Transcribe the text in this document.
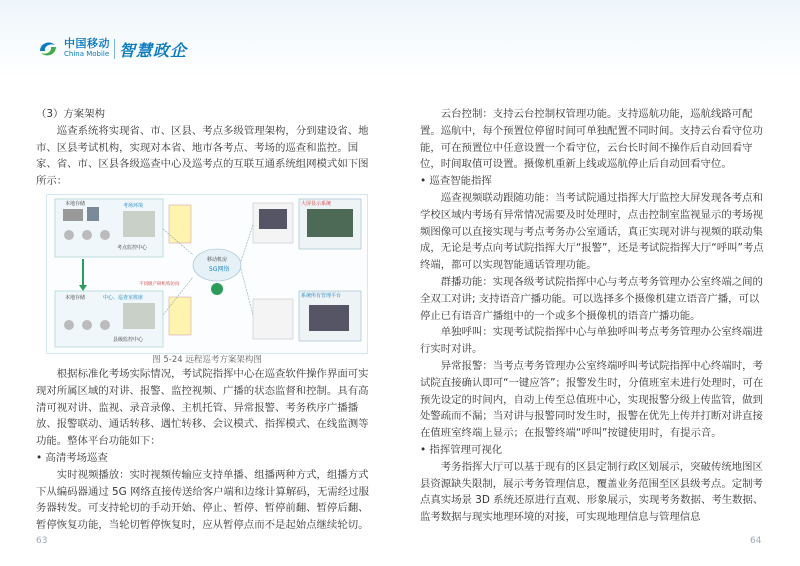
中国移动
China Mobile 智慧政企

（3）方案架构

巡查系统将实现省、市、区县、考点多级管理架构，分到建设省、地市、区县考试机构，实现对本省、地市各考点、考场的巡查和监控。国家、省、市、区县各级巡查中心及巡考点的互联互通系统组网模式如下图所示：

本地存储	考场环境
考点监控中心
移动机房
5G网络
大屏显示系统
本地存储	中心、巡查室班席
县级监控中心
系统所有管理平台
不同级产研机构访问

图 5-24 远程巡考方案架构图

根据标准化考场实际情况，考试院指挥中心在巡查软件操作界面可实现对所属区域的对讲、报警、监控视频、广播的状态监督和控制。具有高清可视对讲、监视、录音录像、主机托管、异常报警、考务秩序广播播放、报警联动、通话转移、遇忙转移、会议模式、指挥模式、在线监测等功能。整体平台功能如下：

• 高清考场巡查

实时视频播放：实时视频传输应支持单播、组播两种方式，组播方式下从编码器通过 5G 网络直接传送给客户端和边缘计算解码，无需经过服务器转发。可支持轮切的手动开始、停止、暂停、暂停前翻、暂停后翻、暂停恢复功能，当轮切暂停恢复时，应从暂停点而不是起始点继续轮切。

云台控制：支持云台控制权管理功能。支持巡航功能，巡航线路可配置。巡航中，每个预置位停留时间可单独配置不同时间。支持云台看守位功能，可在预置位中任意设置一个看守位，云台长时间不操作后自动回看守位，时间取值可设置。摄像机重新上线或巡航停止后自动回看守位。

• 巡查智能指挥

巡查视频联动跟随功能：当考试院通过指挥大厅监控大屏发现各考点和学校区域内考场有异常情况需要及时处理时，点击控制室监视显示的考场视频图像可以直接实现与考点考务办公室通话，真正实现对讲与视频的联动集成，无论是考点向考试院指挥大厅“报警”，还是考试院指挥大厅“呼叫”考点终端，都可以实现智能通话管理功能。

群播功能：实现各级考试院指挥中心与考点考务管理办公室终端之间的全双工对讲; 支持语音广播功能。可以选择多个摄像机建立语音广播，可以停止已有语音广播组中的一个或多个摄像机的语音广播功能。

单独呼叫：实现考试院指挥中心与单独呼叫考点考务管理办公室终端进行实时对讲。

异常报警：当考点考务管理办公室终端呼叫考试院指挥中心终端时，考试院直接确认即可“一键应答”；报警发生时，分值班室未进行处理时，可在预先设定的时间内，自动上传至总值班中心，实现报警分级上传监管，做到处警疏而不漏；当对讲与报警同时发生时，报警在优先上传并打断对讲直接在值班室终端上显示；在报警终端“呼叫”按键使用时，有提示音。

• 指挥管理可视化

考务指挥大厅可以基于现有的区县定制行政区划展示，突破传统地图区县资源缺失限制，展示考务管理信息，覆盖业务范围至区县级考点。定制考点真实场景 3D 系统还原进行直观、形象展示，实现考务数据、考生数据、监考数据与现实地理环境的对接，可实现地理信息与管理信息

63	64
